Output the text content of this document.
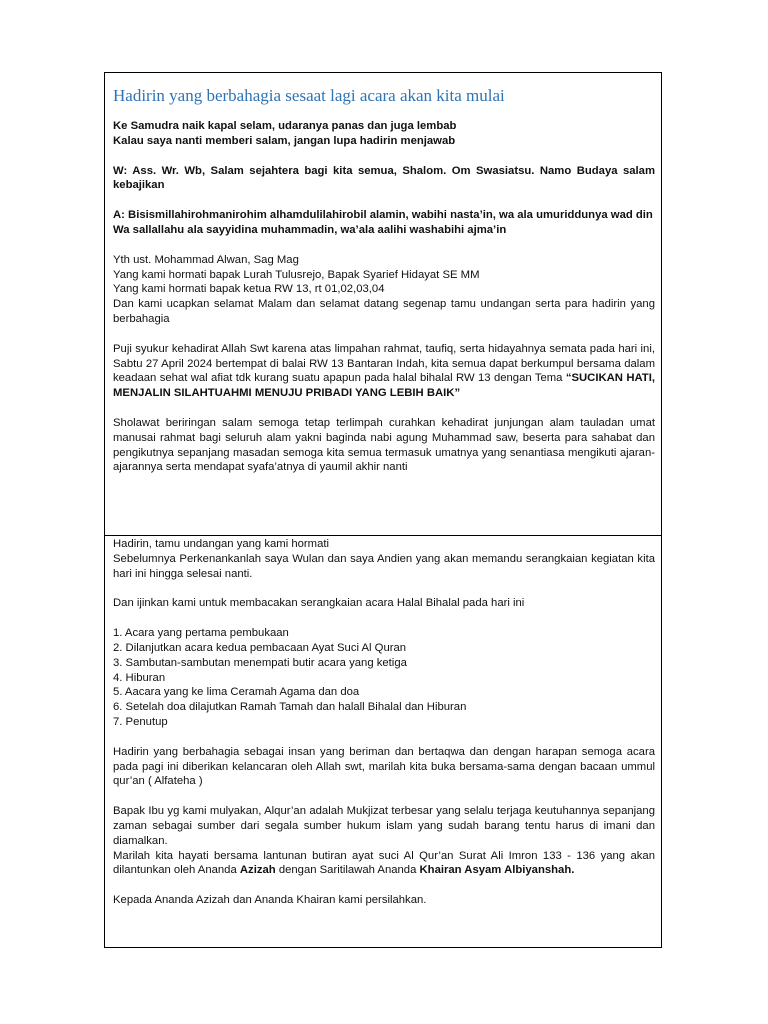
Hadirin yang berbahagia sesaat lagi acara akan kita mulai

Ke Samudra naik kapal selam, udaranya panas dan juga lembab

Kalau saya nanti memberi salam, jangan lupa hadirin menjawab

W: Ass. Wr. Wb, Salam sejahtera bagi kita semua, Shalom. Om Swasiatsu. Namo Budaya salam kebajikan

A: Bisismillahirohmanirohim alhamdulilahirobil alamin, wabihi nasta’in, wa ala umuriddunya wad din

Wa sallallahu ala sayyidina muhammadin, wa’ala aalihi washabihi ajma’in

Yth ust. Mohammad Alwan, Sag Mag

Yang kami hormati bapak Lurah Tulusrejo, Bapak Syarief Hidayat SE MM

Yang kami hormati bapak ketua RW 13, rt 01,02,03,04

Dan kami ucapkan selamat Malam dan selamat datang segenap tamu undangan serta para hadirin yang berbahagia

Puji syukur kehadirat Allah Swt karena atas limpahan rahmat, taufiq, serta hidayahnya semata pada hari ini, Sabtu 27 April 2024 bertempat di balai RW 13 Bantaran Indah, kita semua dapat berkumpul bersama dalam keadaan sehat wal afiat tdk kurang suatu apapun pada halal bihalal RW 13 dengan Tema “SUCIKAN HATI, MENJALIN SILAHTUAHMI MENUJU PRIBADI YANG LEBIH BAIK”

Sholawat beriringan salam semoga tetap terlimpah curahkan kehadirat junjungan alam tauladan umat manusai rahmat bagi seluruh alam yakni baginda nabi agung Muhammad saw, beserta para sahabat dan pengikutnya sepanjang masadan semoga kita semua termasuk umatnya yang senantiasa mengikuti ajaran-ajarannya serta mendapat syafa’atnya di yaumil akhir nanti

Hadirin, tamu undangan yang kami hormati

Sebelumnya Perkenankanlah saya Wulan dan saya Andien yang akan memandu serangkaian kegiatan kita hari ini hingga selesai nanti.

Dan ijinkan kami untuk membacakan serangkaian acara Halal Bihalal pada hari ini

1. Acara yang pertama pembukaan

2. Dilanjutkan acara kedua pembacaan Ayat Suci Al Quran

3. Sambutan-sambutan menempati butir acara yang ketiga

4. Hiburan

5. Aacara yang ke lima Ceramah Agama dan doa

6. Setelah doa dilajutkan Ramah Tamah dan halall Bihalal dan Hiburan

7. Penutup

Hadirin yang berbahagia sebagai insan yang beriman dan bertaqwa dan dengan harapan semoga acara pada pagi ini diberikan kelancaran oleh Allah swt, marilah kita buka bersama-sama dengan bacaan ummul qur’an ( Alfateha )

Bapak Ibu yg kami mulyakan, Alqur’an adalah Mukjizat terbesar yang selalu terjaga keutuhannya sepanjang zaman sebagai sumber dari segala sumber hukum islam yang sudah barang tentu harus di imani dan diamalkan.

Marilah kita hayati bersama lantunan butiran ayat suci Al Qur’an Surat Ali Imron 133 - 136 yang akan dilantunkan oleh Ananda Azizah dengan Saritilawah Ananda Khairan Asyam Albiyanshah.

Kepada Ananda Azizah dan Ananda Khairan kami persilahkan.
